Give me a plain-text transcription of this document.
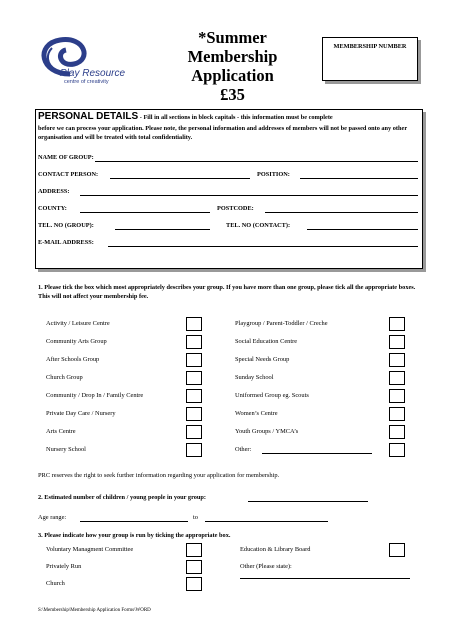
Play Resource
centre of creativity
*Summer
Membership Application
£35
MEMBERSHIP NUMBER
PERSONAL DETAILS - Fill in all sections in block capitals - this information must be complete
before we can process your application. Please note, the personal information and addresses of members will not be passed onto any other organisation and will be treated with total confidentiality.
NAME OF GROUP:
CONTACT PERSON:	POSITION:
ADDRESS:
COUNTY:	POSTCODE:
TEL. NO (GROUP):	TEL. NO (CONTACT):
E-MAIL ADDRESS:
1. Please tick the box which most appropriately describes your group. If you have more than one group, please tick all the appropriate boxes. This will not affect your membership fee.
Activity / Leisure Centre
Community Arts Group
After Schools Group
Church Group
Community / Drop In / Family Centre
Private Day Care / Nursery
Arts Centre
Nursery School
Playgroup / Parent-Toddler / Creche
Social Education Centre
Special Needs Group
Sunday School
Uniformed Group eg. Scouts
Women’s Centre
Youth Groups / YMCA’s
Other:
PRC reserves the right to seek further information regarding your application for membership.
2. Estimated number of children / young people in your group:
Age range:	to
3. Please indicate how your group is run by ticking the appropriate box.
Voluntary Managment Committee	Education & Library Board
Privately Run	Other (Please state):
Church
S:\Membership\Membership Application Forms\WORD
